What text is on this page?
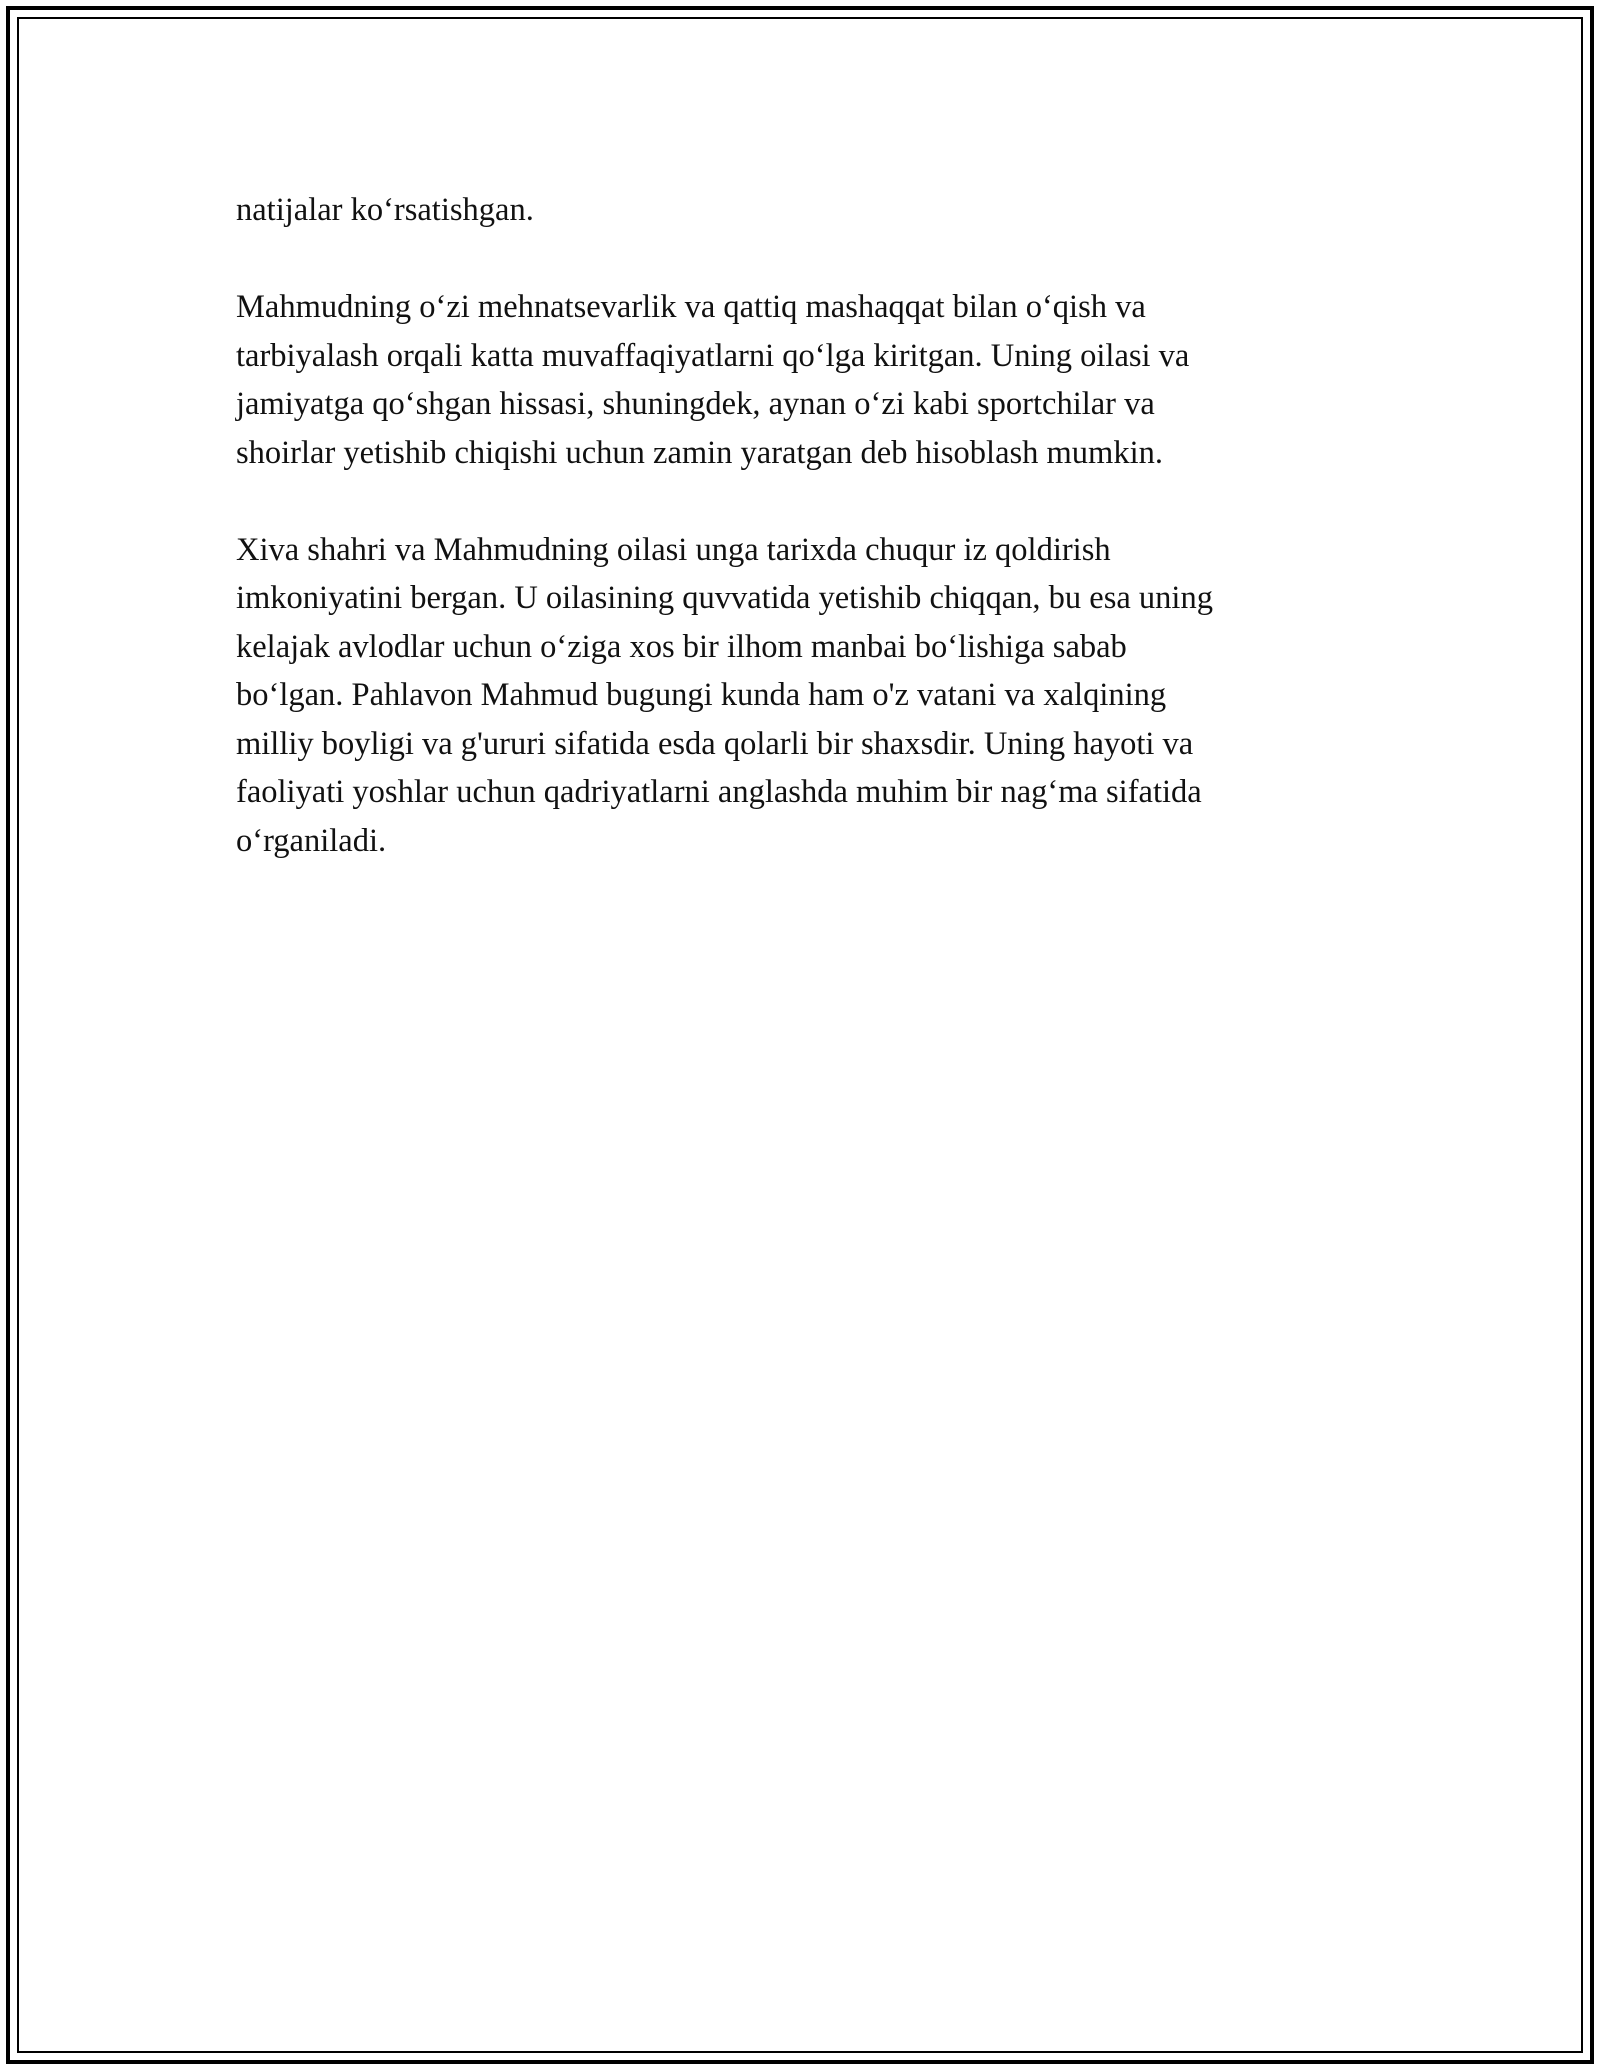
natijalar ko‘rsatishgan.

Mahmudning o‘zi mehnatsevarlik va qattiq mashaqqat bilan o‘qish va
tarbiyalash orqali katta muvaffaqiyatlarni qo‘lga kiritgan. Uning oilasi va
jamiyatga qo‘shgan hissasi, shuningdek, aynan o‘zi kabi sportchilar va
shoirlar yetishib chiqishi uchun zamin yaratgan deb hisoblash mumkin.

Xiva shahri va Mahmudning oilasi unga tarixda chuqur iz qoldirish
imkoniyatini bergan. U oilasining quvvatida yetishib chiqqan, bu esa uning
kelajak avlodlar uchun o‘ziga xos bir ilhom manbai bo‘lishiga sabab
bo‘lgan. Pahlavon Mahmud bugungi kunda ham o'z vatani va xalqining
milliy boyligi va g'ururi sifatida esda qolarli bir shaxsdir. Uning hayoti va
faoliyati yoshlar uchun qadriyatlarni anglashda muhim bir nag‘ma sifatida
o‘rganiladi.
